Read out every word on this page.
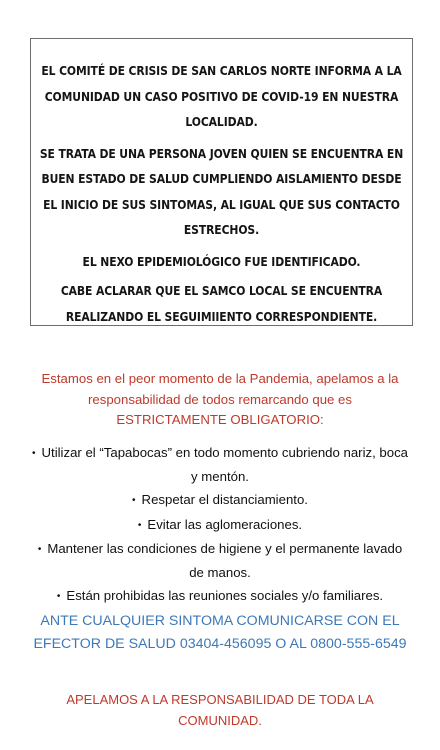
EL COMITÉ DE CRISIS DE SAN CARLOS NORTE INFORMA A LA COMUNIDAD UN CASO POSITIVO DE COVID-19 EN NUESTRA LOCALIDAD.

SE TRATA DE UNA PERSONA JOVEN QUIEN SE ENCUENTRA EN BUEN ESTADO DE SALUD CUMPLIENDO AISLAMIENTO DESDE EL INICIO DE SUS SINTOMAS, AL IGUAL QUE SUS CONTACTO ESTRECHOS.

EL NEXO EPIDEMIOLÓGICO FUE IDENTIFICADO.

CABE ACLARAR QUE EL SAMCO LOCAL SE ENCUENTRA REALIZANDO EL SEGUIMIIENTO CORRESPONDIENTE.

Estamos en el peor momento de la Pandemia, apelamos a la responsabilidad de todos remarcando que es

ESTRICTAMENTE OBLIGATORIO:

• Utilizar el “Tapabocas” en todo momento cubriendo nariz, boca y mentón.
• Respetar el distanciamiento.
• Evitar las aglomeraciones.
• Mantener las condiciones de higiene y el permanente lavado de manos.
• Están prohibidas las reuniones sociales y/o familiares.
ANTE CUALQUIER SINTOMA COMUNICARSE CON EL EFECTOR DE SALUD 03404-456095 O AL 0800-555-6549
APELAMOS A LA RESPONSABILIDAD DE TODA LA COMUNIDAD.
